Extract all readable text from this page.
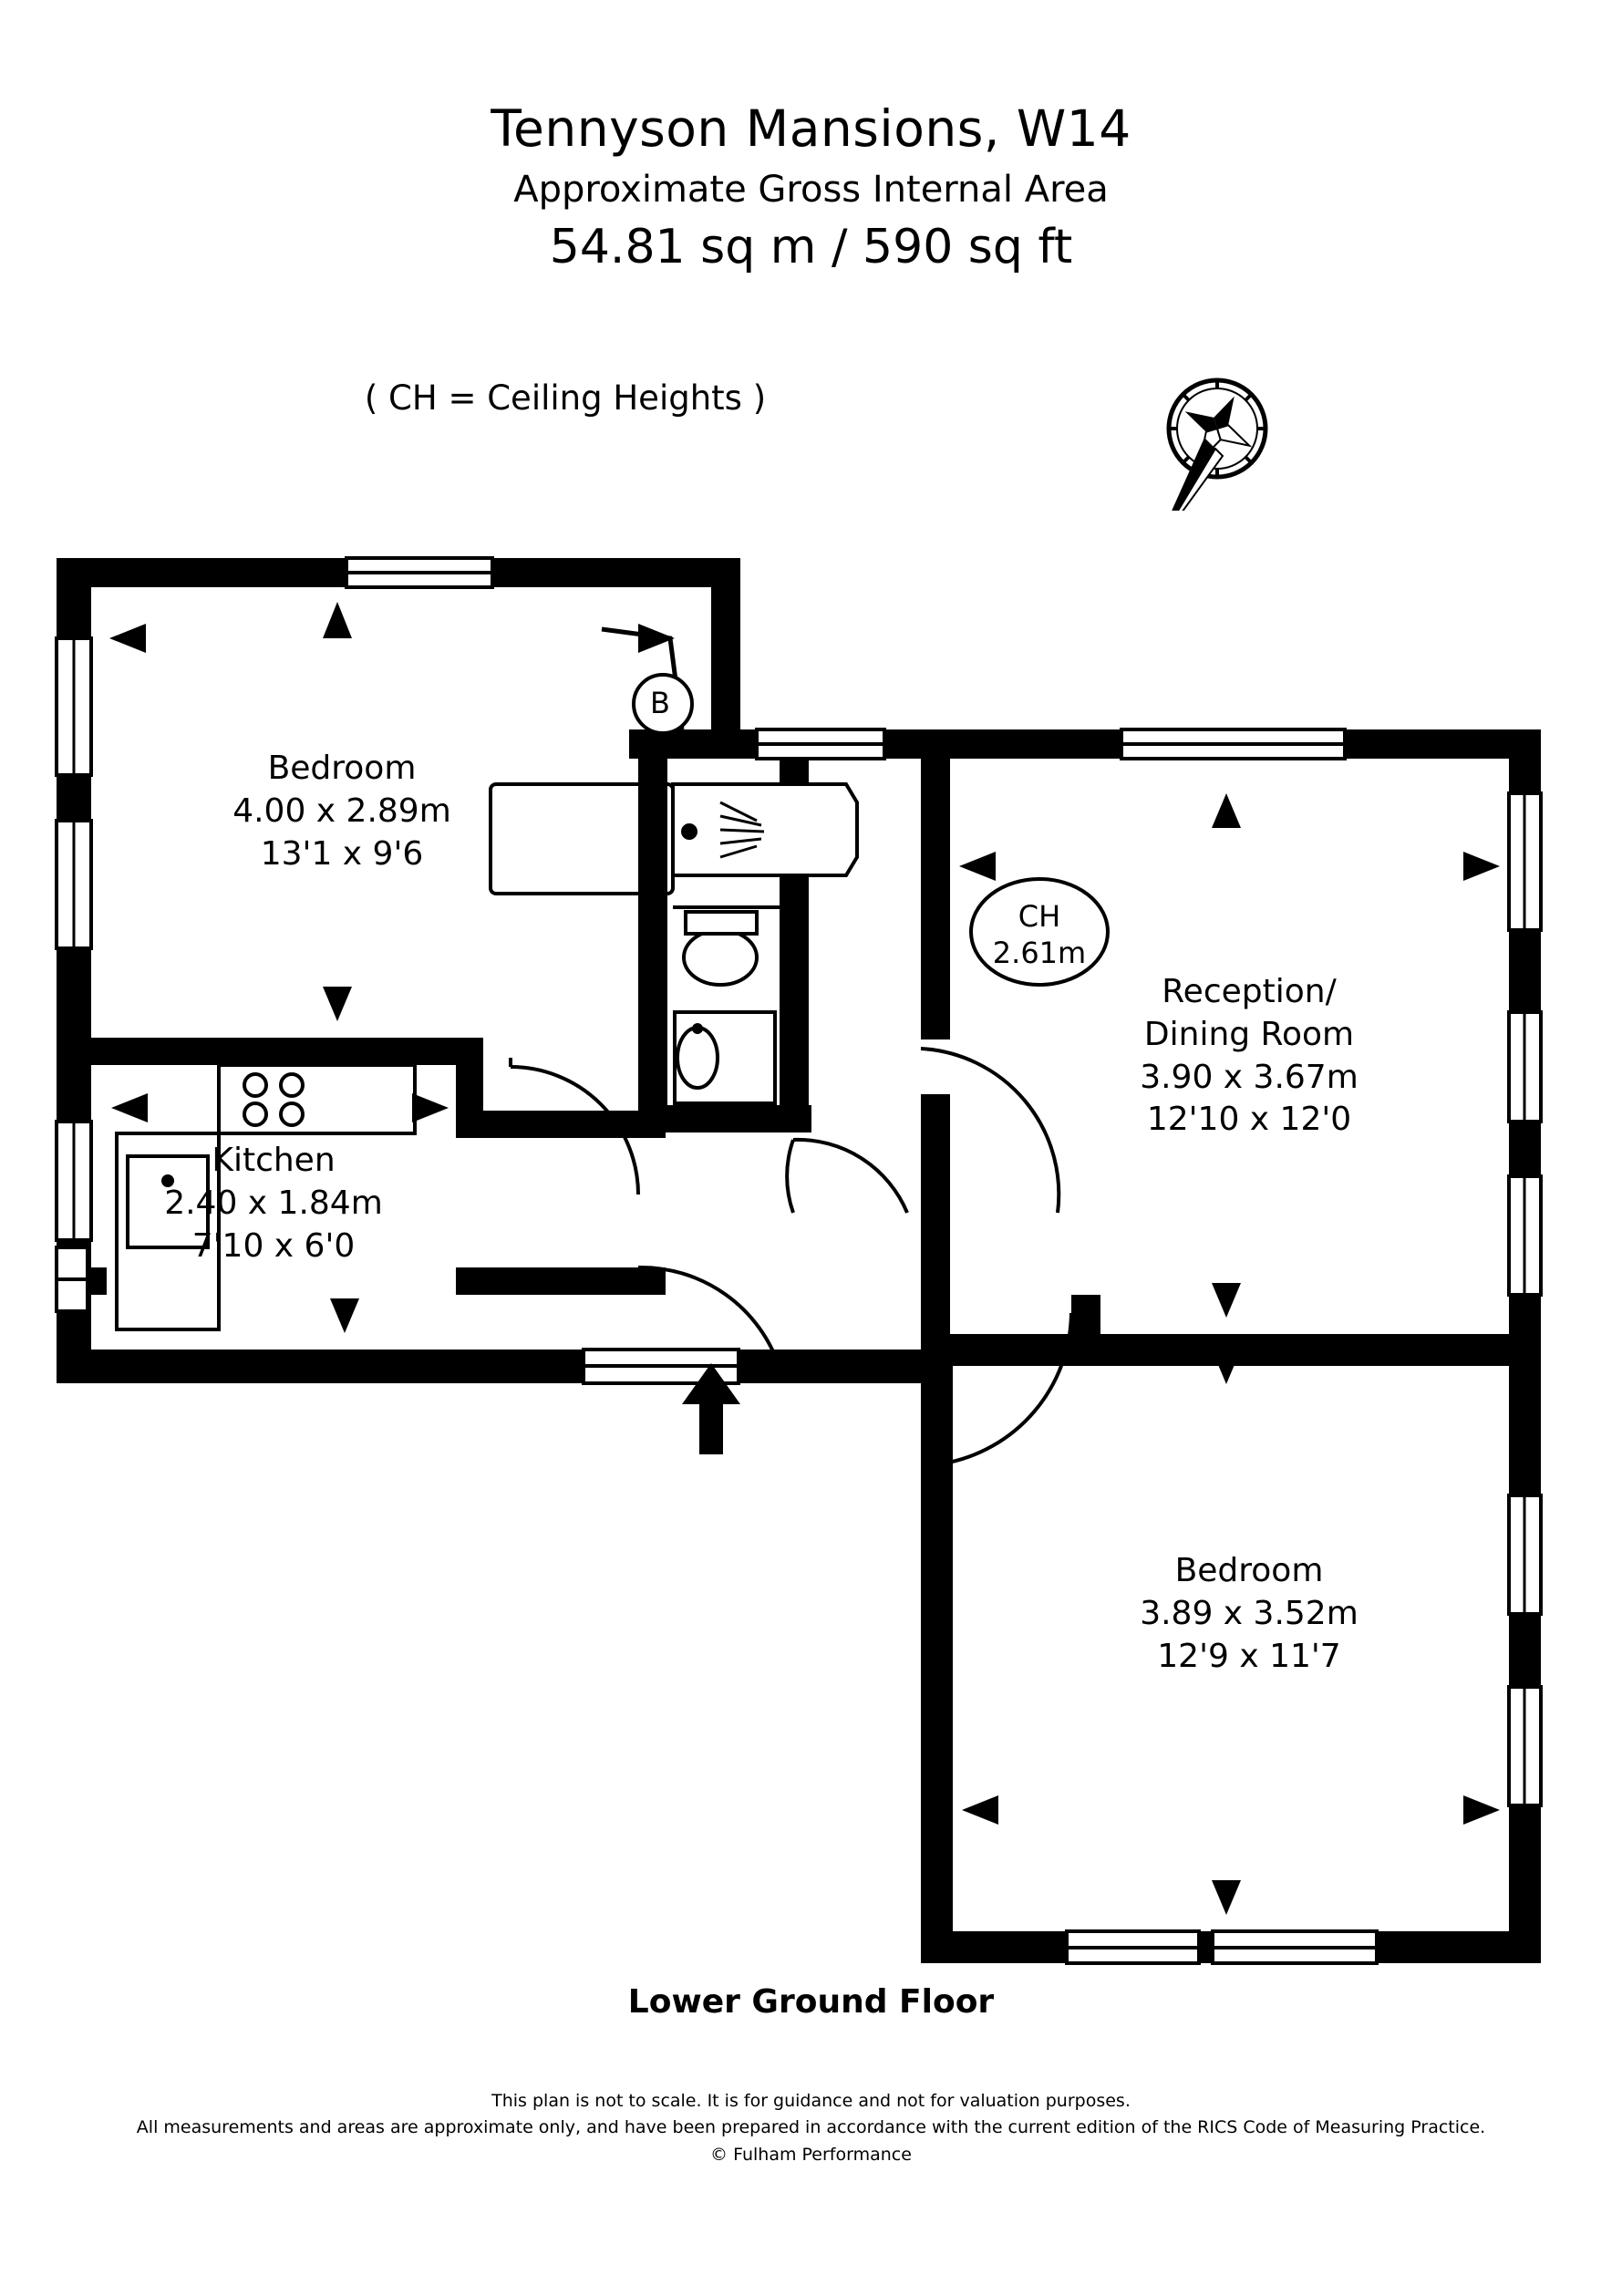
Tennyson Mansions, W14
Approximate Gross Internal Area
54.81 sq m / 590 sq ft
( CH = Ceiling Heights )
B
CH
2.61m
Bedroom
4.00 x 2.89m
13'1 x 9'6
Kitchen
2.40 x 1.84m
7'10 x 6'0
Reception/
Dining Room
3.90 x 3.67m
12'10 x 12'0
Bedroom
3.89 x 3.52m
12'9 x 11'7
Lower Ground Floor
This plan is not to scale. It is for guidance and not for valuation purposes.
All measurements and areas are approximate only, and have been prepared in accordance with the current edition of the RICS Code of Measuring Practice.
© Fulham Performance
